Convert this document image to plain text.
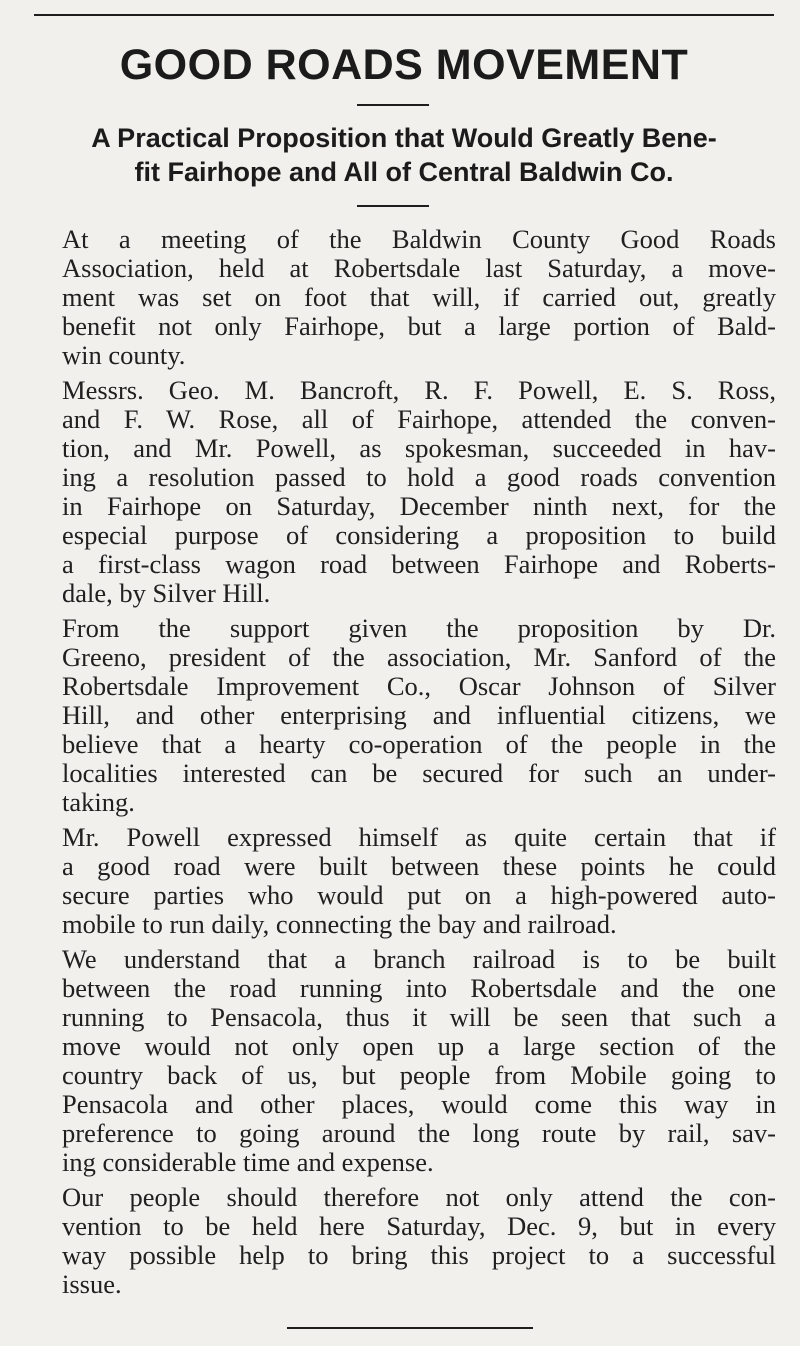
GOOD ROADS MOVEMENT
A Practical Proposition that Would Greatly Bene-
fit Fairhope and All of Central Baldwin Co.

At a meeting of the Baldwin County Good Roads
Association, held at Robertsdale last Saturday, a move-
ment was set on foot that will, if carried out, greatly
benefit not only Fairhope, but a large portion of Bald-
win county.

Messrs. Geo. M. Bancroft, R. F. Powell, E. S. Ross,
and F. W. Rose, all of Fairhope, attended the conven-
tion, and Mr. Powell, as spokesman, succeeded in hav-
ing a resolution passed to hold a good roads convention
in Fairhope on Saturday, December ninth next, for the
especial purpose of considering a proposition to build
a first-class wagon road between Fairhope and Roberts-
dale, by Silver Hill.

From the support given the proposition by Dr.
Greeno, president of the association, Mr. Sanford of the
Robertsdale Improvement Co., Oscar Johnson of Silver
Hill, and other enterprising and influential citizens, we
believe that a hearty co-operation of the people in the
localities interested can be secured for such an under-
taking.

Mr. Powell expressed himself as quite certain that if
a good road were built between these points he could
secure parties who would put on a high-powered auto-
mobile to run daily, connecting the bay and railroad.

We understand that a branch railroad is to be built
between the road running into Robertsdale and the one
running to Pensacola, thus it will be seen that such a
move would not only open up a large section of the
country back of us, but people from Mobile going to
Pensacola and other places, would come this way in
preference to going around the long route by rail, sav-
ing considerable time and expense.

Our people should therefore not only attend the con-
vention to be held here Saturday, Dec. 9, but in every
way possible help to bring this project to a successful
issue.
